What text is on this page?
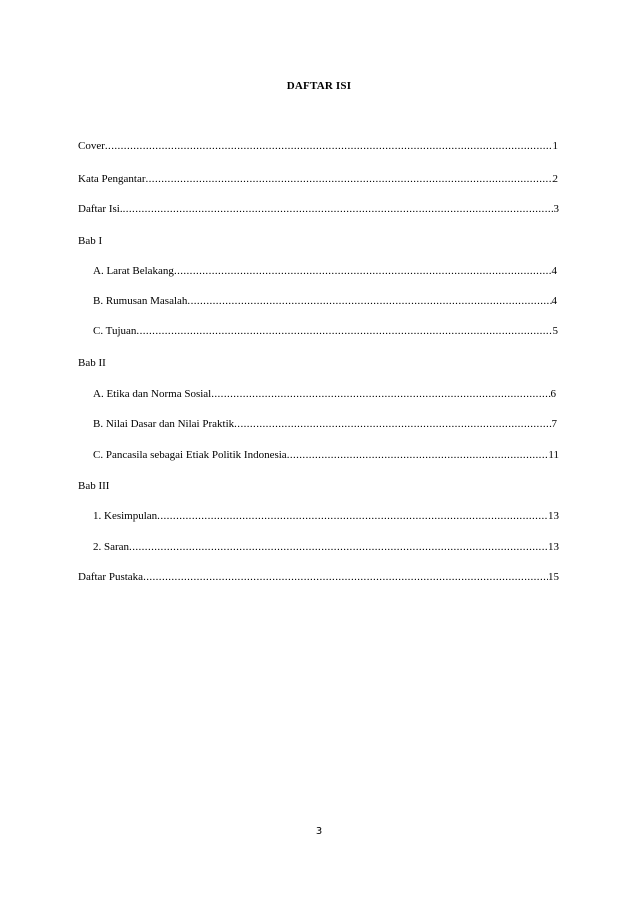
DAFTAR ISI
Cover .....	1
Kata Pengantar .....	2
Daftar Isi. .....	3
Bab I
A. Larat Belakang .....	4
B. Rumusan Masalah .....	4
C. Tujuan .....	5
Bab II
A. Etika dan Norma Sosial .....	6
B. Nilai Dasar dan Nilai Praktik .....	7
C. Pancasila sebagai Etiak Politik Indonesia .....	11
Bab III
1. Kesimpulan .....	13
2. Saran .....	13
Daftar Pustaka .....	15
3
